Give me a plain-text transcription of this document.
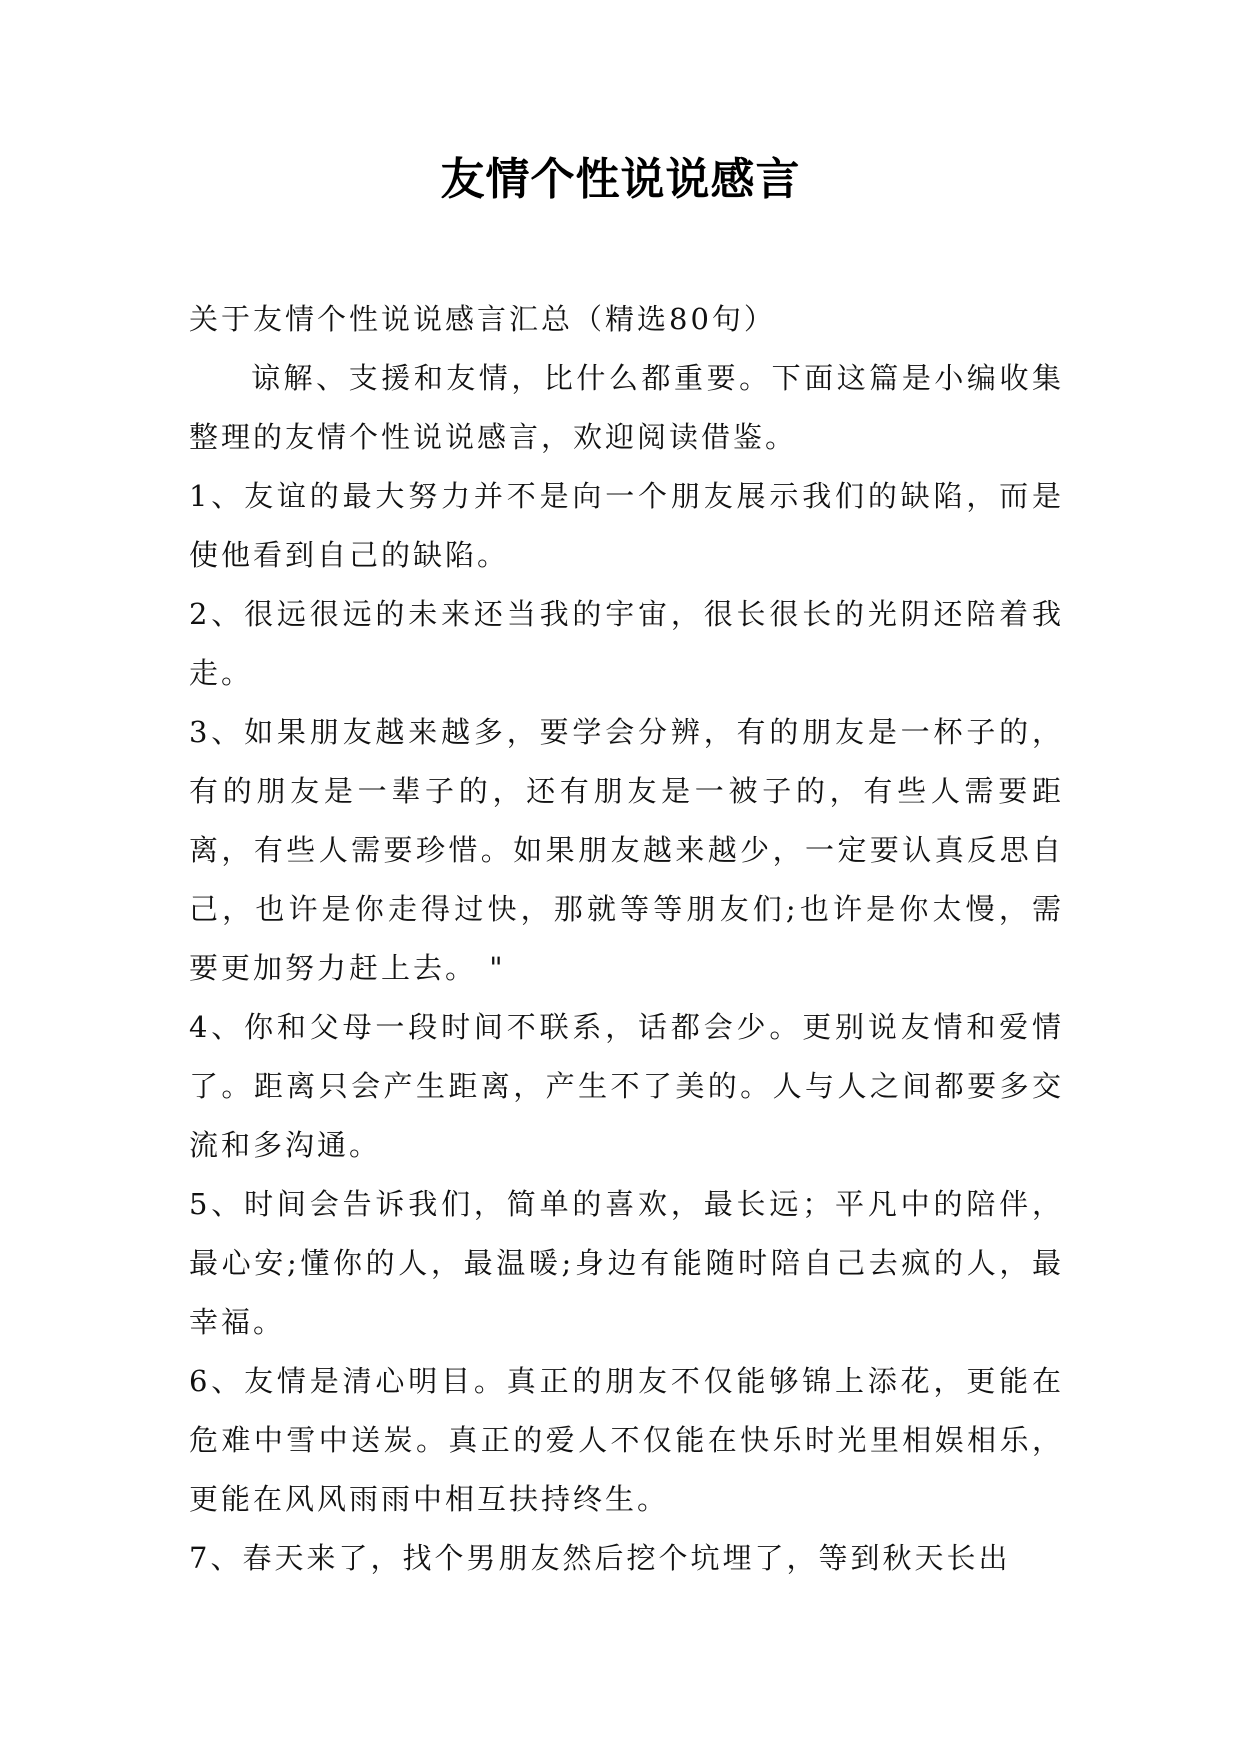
友情个性说说感言

关于友情个性说说感言汇总（精选80句）

谅解、支援和友情，比什么都重要。下面这篇是小编收集整理的友情个性说说感言，欢迎阅读借鉴。

1、友谊的最大努力并不是向一个朋友展示我们的缺陷，而是使他看到自己的缺陷。

2、很远很远的未来还当我的宇宙，很长很长的光阴还陪着我走。

3、如果朋友越来越多，要学会分辨，有的朋友是一杯子的，有的朋友是一辈子的，还有朋友是一被子的，有些人需要距离，有些人需要珍惜。如果朋友越来越少，一定要认真反思自己，也许是你走得过快，那就等等朋友们;也许是你太慢，需要更加努力赶上去。 "

4、你和父母一段时间不联系，话都会少。更别说友情和爱情了。距离只会产生距离，产生不了美的。人与人之间都要多交流和多沟通。

5、时间会告诉我们，简单的喜欢，最长远；平凡中的陪伴，最心安;懂你的人，最温暖;身边有能随时陪自己去疯的人，最幸福。

6、友情是清心明目。真正的朋友不仅能够锦上添花，更能在危难中雪中送炭。真正的爱人不仅能在快乐时光里相娱相乐，更能在风风雨雨中相互扶持终生。

7、春天来了，找个男朋友然后挖个坑埋了，等到秋天长出
